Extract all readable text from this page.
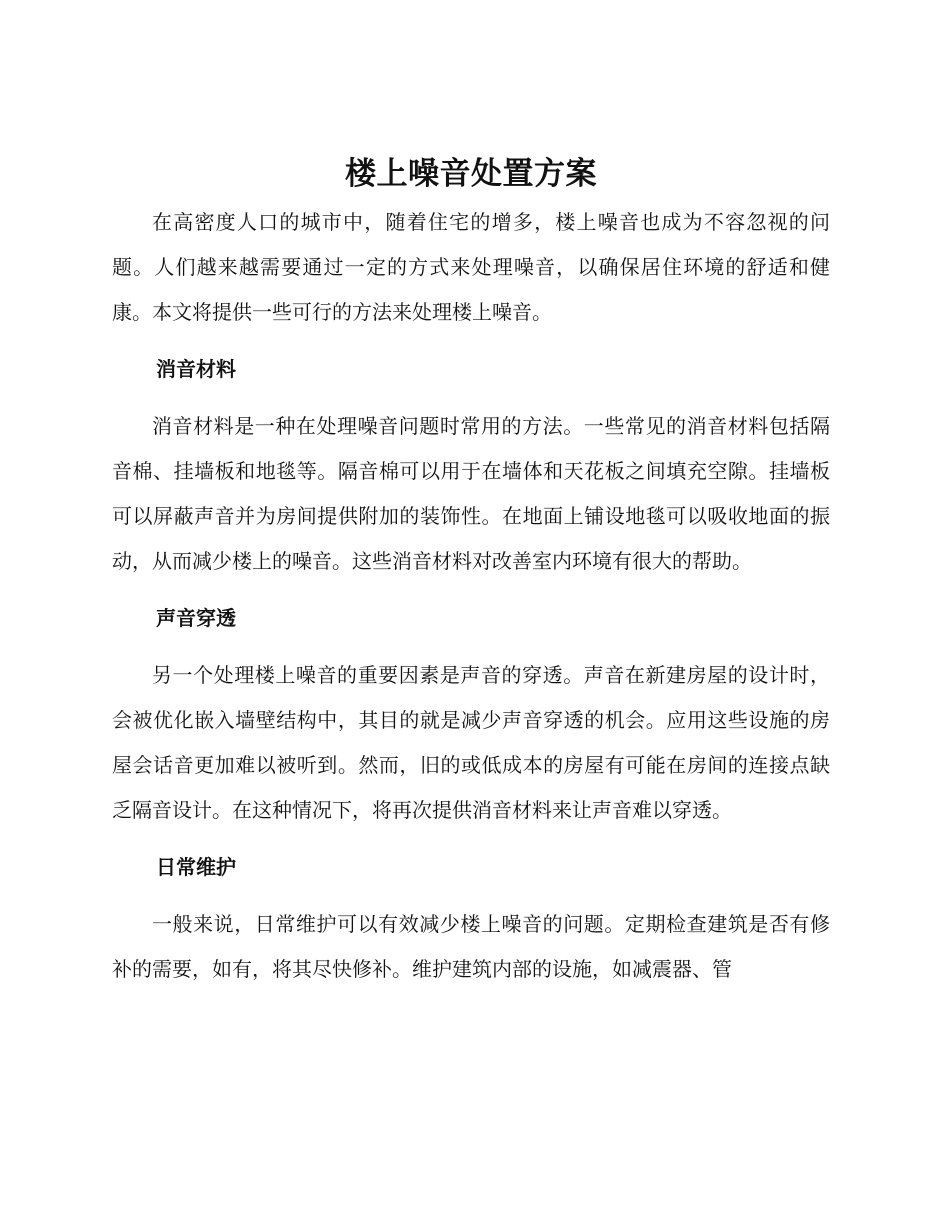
楼上噪音处置方案

在高密度人口的城市中，随着住宅的增多，楼上噪音也成为不容忽视的问题。人们越来越需要通过一定的方式来处理噪音，以确保居住环境的舒适和健康。本文将提供一些可行的方法来处理楼上噪音。

消音材料

消音材料是一种在处理噪音问题时常用的方法。一些常见的消音材料包括隔音棉、挂墙板和地毯等。隔音棉可以用于在墙体和天花板之间填充空隙。挂墙板可以屏蔽声音并为房间提供附加的装饰性。在地面上铺设地毯可以吸收地面的振动，从而减少楼上的噪音。这些消音材料对改善室内环境有很大的帮助。

声音穿透

另一个处理楼上噪音的重要因素是声音的穿透。声音在新建房屋的设计时，会被优化嵌入墙壁结构中，其目的就是减少声音穿透的机会。应用这些设施的房屋会话音更加难以被听到。然而，旧的或低成本的房屋有可能在房间的连接点缺乏隔音设计。在这种情况下，将再次提供消音材料来让声音难以穿透。

日常维护

一般来说，日常维护可以有效减少楼上噪音的问题。定期检查建筑是否有修补的需要，如有，将其尽快修补。维护建筑内部的设施，如减震器、管
